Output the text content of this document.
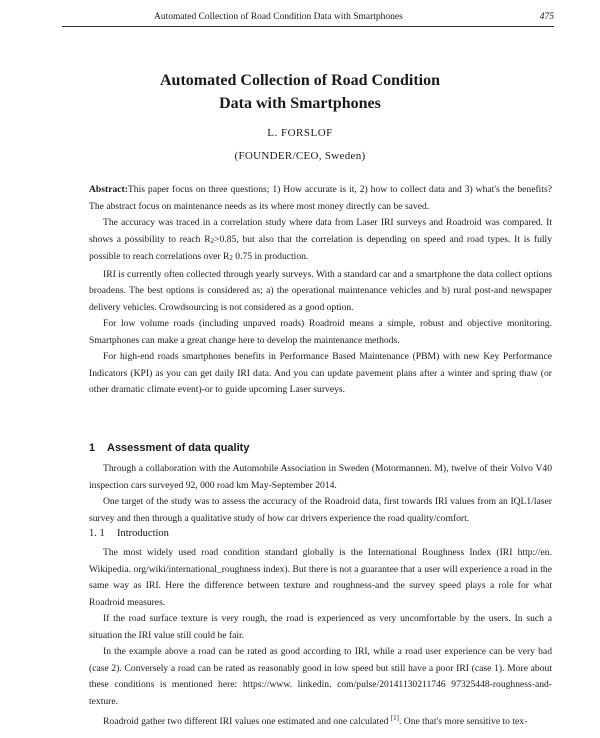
Automated Collection of Road Condition Data with Smartphones	475
Automated Collection of Road Condition
Data with Smartphones
L. FORSLOF
(FOUNDER/CEO, Sweden)

Abstract:This paper focus on three questions; 1) How accurate is it, 2) how to collect data and 3) what's the benefits? The abstract focus on maintenance needs as its where most money directly can be saved.

The accuracy was traced in a correlation study where data from Laser IRI surveys and Roadroid was compared. It shows a possibility to reach R2>0.85, but also that the correlation is depending on speed and road types. It is fully possible to reach correlations over R2 0.75 in production.

IRI is currently often collected through yearly surveys. With a standard car and a smartphone the data collect options broadens. The best options is considered as; a) the operational maintenance vehicles and b) rural post-and newspaper delivery vehicles. Crowdsourcing is not considered as a good option.

For low volume roads (including unpaved roads) Roadroid means a simple, robust and objective monitoring. Smartphones can make a great change here to develop the maintenance methods.

For high-end roads smartphones benefits in Performance Based Maintenance (PBM) with new Key Performance Indicators (KPI) as you can get daily IRI data. And you can update pavement plans after a winter and spring thaw (or other dramatic climate event)-or to guide upcoming Laser surveys.

1 Assessment of data quality

Through a collaboration with the Automobile Association in Sweden (Motormannen. M), twelve of their Volvo V40 inspection cars surveyed 92, 000 road km May-September 2014.

One target of the study was to assess the accuracy of the Roadroid data, first towards IRI values from an IQL1/laser survey and then through a qualitative study of how car drivers experience the road quality/comfort.

1. 1 Introduction

The most widely used road condition standard globally is the International Roughness Index (IRI http://en. Wikipedia. org/wiki/international_roughness index). But there is not a guarantee that a user will experience a road in the same way as IRI. Here the difference between texture and roughness-and the survey speed plays a role for what Roadroid measures.

If the road surface texture is very rough, the road is experienced as very uncomfortable by the users. In such a situation the IRI value still could be fair.

In the example above a road can be rated as good according to IRI, while a road user experience can be very bad (case 2). Conversely a road can be rated as reasonably good in low speed but still have a poor IRI (case 1). More about these conditions is mentioned here: https://www. linkedin. com/pulse/20141130211746 97325448-roughness-and-texture.

Roadroid gather two different IRI values one estimated and one calculated [1]. One that's more sensitive to tex-
